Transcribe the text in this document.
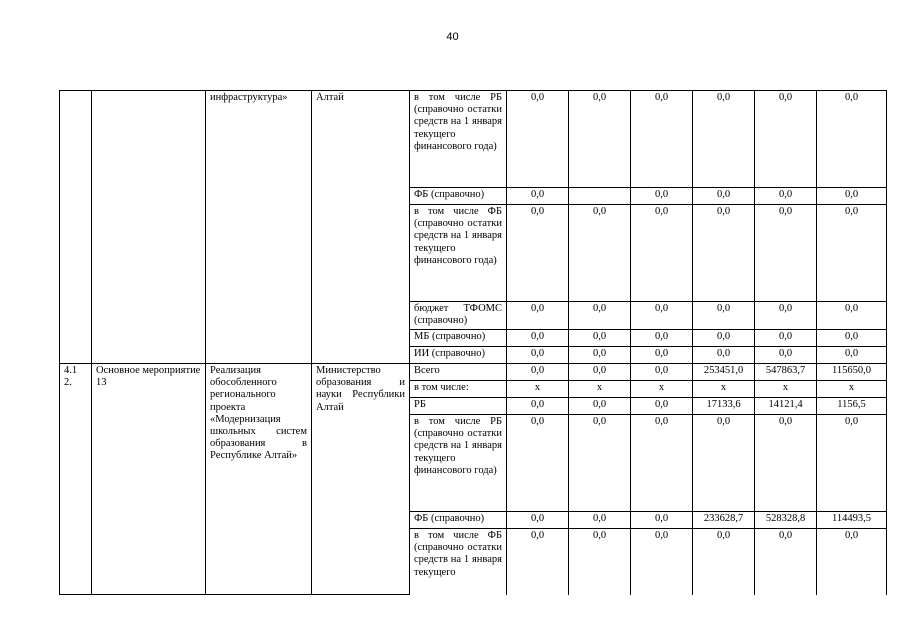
40
		инфраструктура»	Алтай	в том числе РБ (справочно остатки средств на 1 января текущего финансового года)	0,0	0,0	0,0	0,0	0,0	0,0
				ФБ (справочно)	0,0		0,0	0,0	0,0	0,0
				в том числе ФБ (справочно остатки средств на 1 января текущего финансового года)	0,0	0,0	0,0	0,0	0,0	0,0
				бюджет ТФОМС (справочно)	0,0	0,0	0,0	0,0	0,0	0,0
				МБ (справочно)	0,0	0,0	0,0	0,0	0,0	0,0
				ИИ (справочно)	0,0	0,0	0,0	0,0	0,0	0,0
4.1 2.	Основное мероприятие 13	Реализация обособленного регионального проекта «Модернизация школьных систем образования в Республике Алтай»	Министерство образования и науки Республики Алтай	Всего	0,0	0,0	0,0	253451,0	547863,7	115650,0
				в том числе:	х	х	х	х	х	х
				РБ	0,0	0,0	0,0	17133,6	14121,4	1156,5
				в том числе РБ (справочно остатки средств на 1 января текущего финансового года)	0,0	0,0	0,0	0,0	0,0	0,0
				ФБ (справочно)	0,0	0,0	0,0	233628,7	528328,8	114493,5
				в том числе ФБ (справочно остатки средств на 1 января текущего	0,0	0,0	0,0	0,0	0,0	0,0
